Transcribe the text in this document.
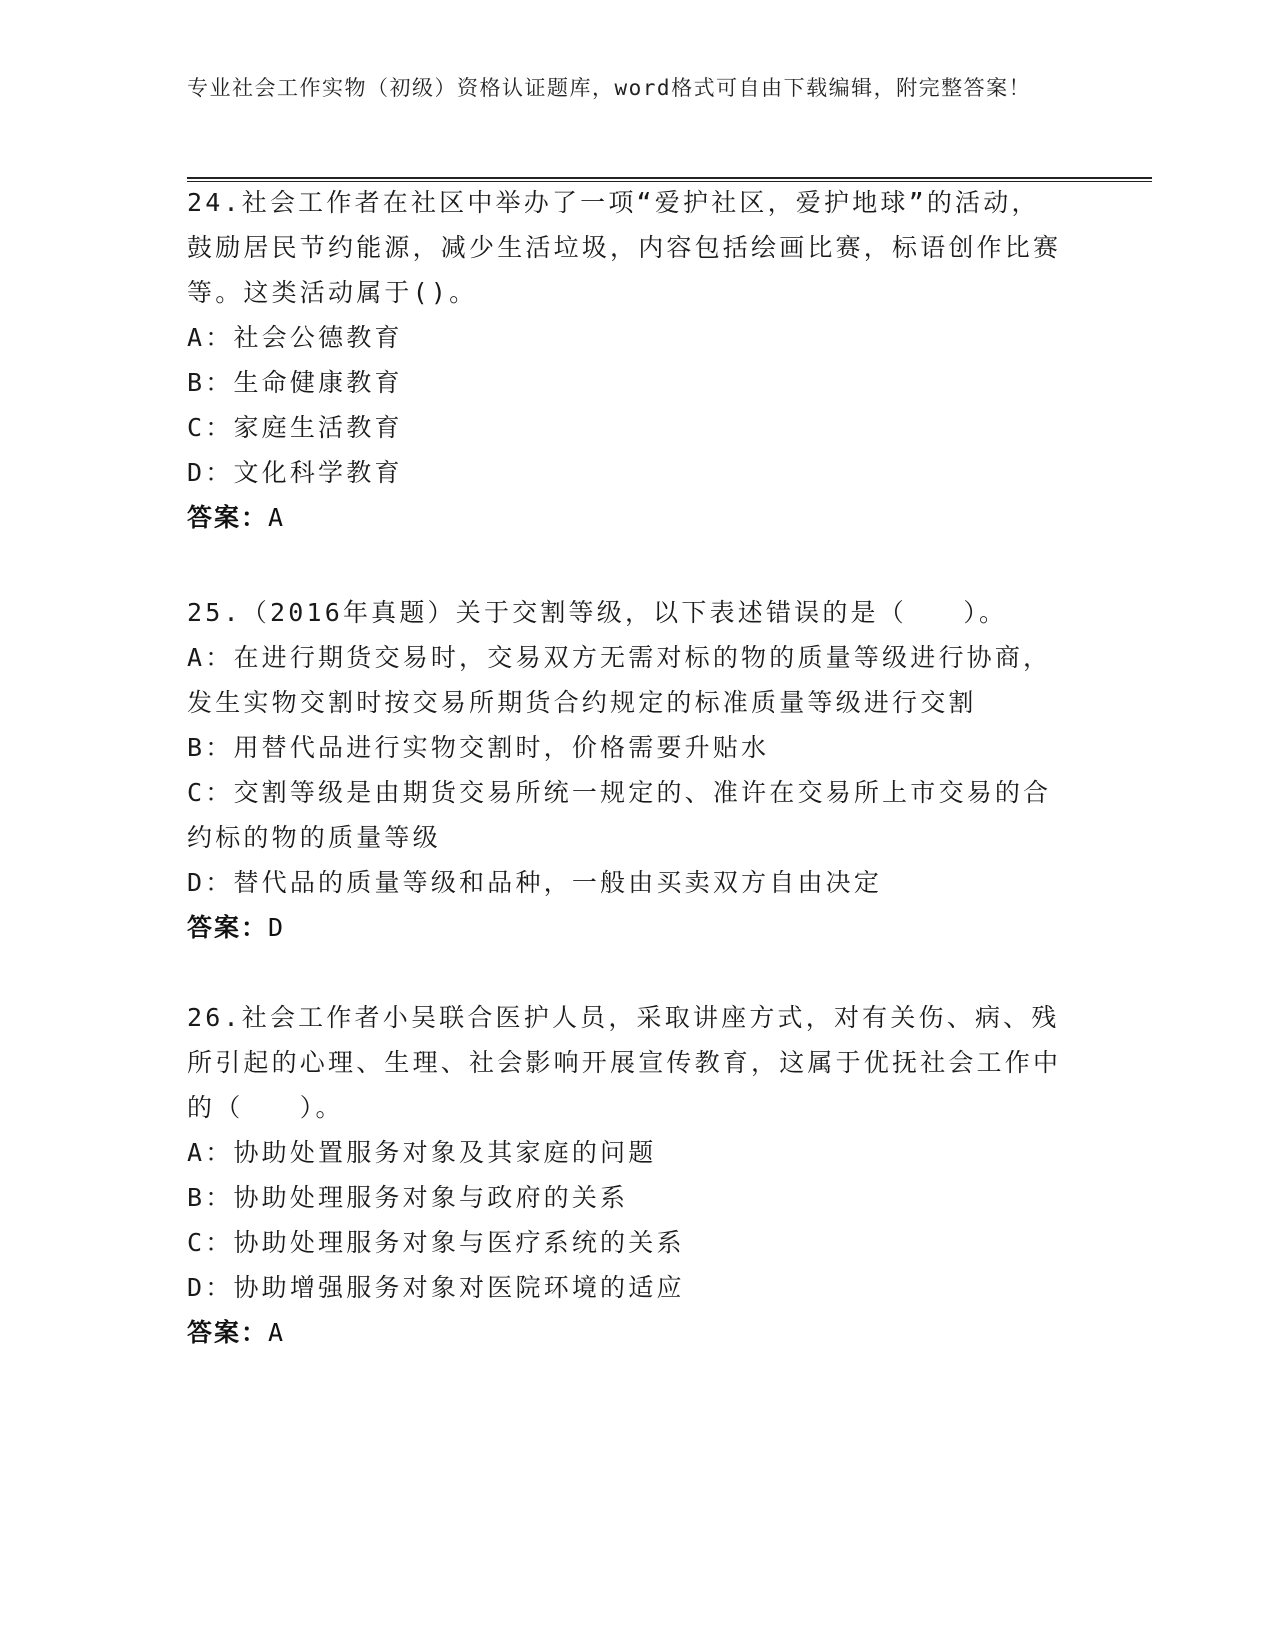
专业社会工作实物（初级）资格认证题库，word格式可自由下载编辑，附完整答案！
24.社会工作者在社区中举办了一项“爱护社区，爱护地球”的活动，鼓励居民节约能源，减少生活垃圾，内容包括绘画比赛，标语创作比赛等。这类活动属于()。
A：社会公德教育
B：生命健康教育
C：家庭生活教育
D：文化科学教育
答案：A
25.（2016年真题）关于交割等级，以下表述错误的是（　　）。
A：在进行期货交易时，交易双方无需对标的物的质量等级进行协商，发生实物交割时按交易所期货合约规定的标准质量等级进行交割
B：用替代品进行实物交割时，价格需要升贴水
C：交割等级是由期货交易所统一规定的、准许在交易所上市交易的合约标的物的质量等级
D：替代品的质量等级和品种，一般由买卖双方自由决定
答案：D
26.社会工作者小吴联合医护人员，采取讲座方式，对有关伤、病、残所引起的心理、生理、社会影响开展宣传教育，这属于优抚社会工作中的（　　）。
A：协助处置服务对象及其家庭的问题
B：协助处理服务对象与政府的关系
C：协助处理服务对象与医疗系统的关系
D：协助增强服务对象对医院环境的适应
答案：A
